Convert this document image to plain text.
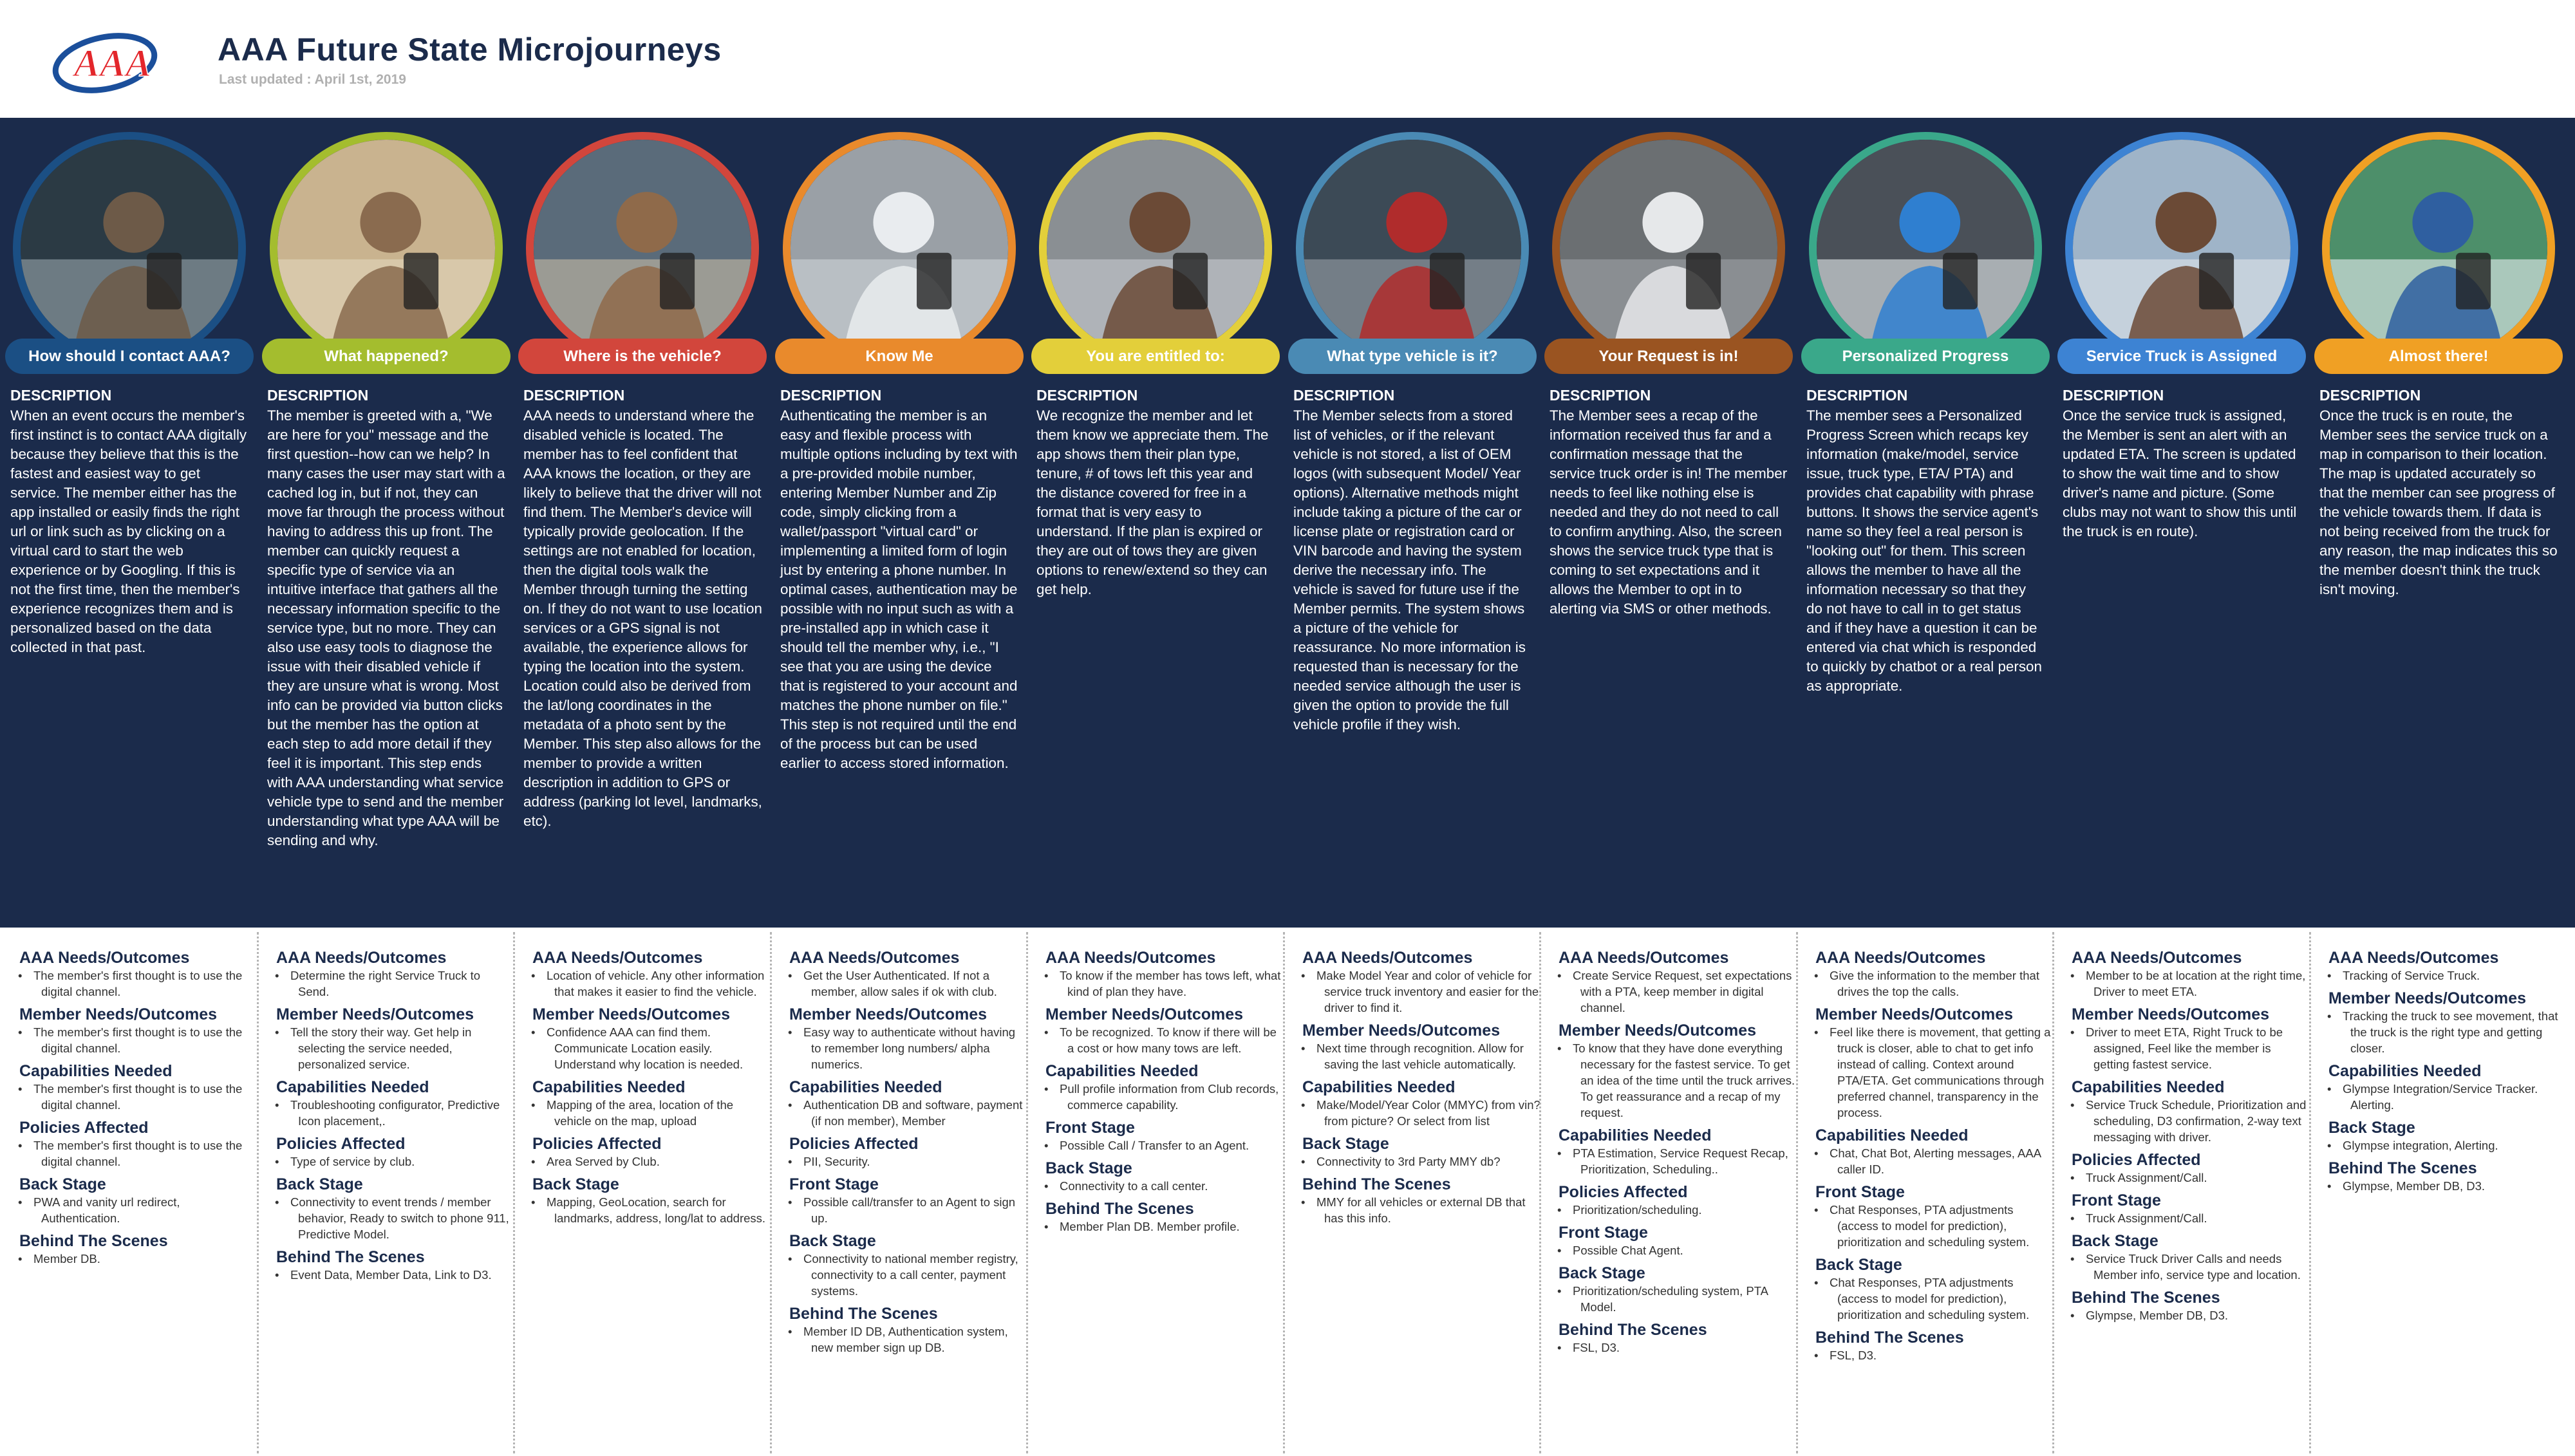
AAA AAA Future State Microjourneys
Last updated : April 1st, 2019
How should I contact AAA?
DESCRIPTION
When an event occurs the member's first instinct is to contact AAA digitally because they believe that this is the fastest and easiest way to get service. The member either has the app installed or easily finds the right url or link such as by clicking on a virtual card to start the web experience or by Googling. If this is not the first time, then the member's experience recognizes them and is personalized based on the data collected in that past.
What happened?
DESCRIPTION
The member is greeted with a, "We are here for you" message and the first question--how can we help? In many cases the user may start with a cached log in, but if not, they can move far through the process without having to address this up front. The member can quickly request a specific type of service via an intuitive interface that gathers all the necessary information specific to the service type, but no more. They can also use easy tools to diagnose the issue with their disabled vehicle if they are unsure what is wrong. Most info can be provided via button clicks but the member has the option at each step to add more detail if they feel it is important. This step ends with AAA understanding what service vehicle type to send and the member understanding what type AAA will be sending and why.
Where is the vehicle?
DESCRIPTION
AAA needs to understand where the disabled vehicle is located. The member has to feel confident that AAA knows the location, or they are likely to believe that the driver will not find them. The Member's device will typically provide geolocation. If the settings are not enabled for location, then the digital tools walk the Member through turning the setting on. If they do not want to use location services or a GPS signal is not available, the experience allows for typing the location into the system. Location could also be derived from the lat/long coordinates in the metadata of a photo sent by the Member. This step also allows for the member to provide a written description in addition to GPS or address (parking lot level, landmarks, etc).
Know Me
DESCRIPTION
Authenticating the member is an easy and flexible process with multiple options including by text with a pre-provided mobile number, entering Member Number and Zip code, simply clicking from a wallet/passport "virtual card" or implementing a limited form of login just by entering a phone number. In optimal cases, authentication may be possible with no input such as with a pre-installed app in which case it should tell the member why, i.e., "I see that you are using the device that is registered to your account and matches the phone number on file." This step is not required until the end of the process but can be used earlier to access stored information.
You are entitled to:
DESCRIPTION
We recognize the member and let them know we appreciate them. The app shows them their plan type, tenure, # of tows left this year and the distance covered for free in a format that is very easy to understand. If the plan is expired or they are out of tows they are given options to renew/extend so they can get help.
What type vehicle is it?
DESCRIPTION
The Member selects from a stored list of vehicles, or if the relevant vehicle is not stored, a list of OEM logos (with subsequent Model/ Year options). Alternative methods might include taking a picture of the car or license plate or registration card or VIN barcode and having the system derive the necessary info. The vehicle is saved for future use if the Member permits. The system shows a picture of the vehicle for reassurance. No more information is requested than is necessary for the needed service although the user is given the option to provide the full vehicle profile if they wish.
Your Request is in!
DESCRIPTION
The Member sees a recap of the information received thus far and a confirmation message that the service truck order is in! The member needs to feel like nothing else is needed and they do not need to call to confirm anything. Also, the screen shows the service truck type that is coming to set expectations and it allows the Member to opt in to alerting via SMS or other methods.
Personalized Progress
DESCRIPTION
The member sees a Personalized Progress Screen which recaps key information (make/model, service issue, truck type, ETA/ PTA) and provides chat capability with phrase buttons. It shows the service agent's name so they feel a real person is "looking out" for them. This screen allows the member to have all the information necessary so that they do not have to call in to get status and if they have a question it can be entered via chat which is responded to quickly by chatbot or a real person as appropriate.
Service Truck is Assigned
DESCRIPTION
Once the service truck is assigned, the Member is sent an alert with an updated ETA. The screen is updated to show the wait time and to show driver's name and picture. (Some clubs may not want to show this until the truck is en route).
Almost there!
DESCRIPTION
Once the truck is en route, the Member sees the service truck on a map in comparison to their location. The map is updated accurately so that the member can see progress of the vehicle towards them. If data is not being received from the truck for any reason, the map indicates this so the member doesn't think the truck isn't moving.
AAA Needs/Outcomes

• The member's first thought is to use the digital channel.

Member Needs/Outcomes

• The member's first thought is to use the digital channel.

Capabilities Needed

• The member's first thought is to use the digital channel.

Policies Affected

• The member's first thought is to use the digital channel.

Back Stage

• PWA and vanity url redirect, Authentication.

Behind The Scenes

• Member DB.

AAA Needs/Outcomes

• Determine the right Service Truck to Send.

Member Needs/Outcomes

• Tell the story their way. Get help in selecting the service needed, personalized service.

Capabilities Needed

• Troubleshooting configurator, Predictive Icon placement,.

Policies Affected

• Type of service by club.

Back Stage

• Connectivity to event trends / member behavior, Ready to switch to phone 911, Predictive Model.

Behind The Scenes

• Event Data, Member Data, Link to D3.

AAA Needs/Outcomes

• Location of vehicle. Any other information that makes it easier to find the vehicle.

Member Needs/Outcomes

• Confidence AAA can find them. Communicate Location easily. Understand why location is needed.

Capabilities Needed

• Mapping of the area, location of the vehicle on the map, upload

Policies Affected

• Area Served by Club.

Back Stage

• Mapping, GeoLocation, search for landmarks, address, long/lat to address.

AAA Needs/Outcomes

• Get the User Authenticated. If not a member, allow sales if ok with club.

Member Needs/Outcomes

• Easy way to authenticate without having to remember long numbers/ alpha numerics.

Capabilities Needed

• Authentication DB and software, payment (if non member), Member

Policies Affected

• PII, Security.

Front Stage

• Possible call/transfer to an Agent to sign up.

Back Stage

• Connectivity to national member registry, connectivity to a call center, payment systems.

Behind The Scenes

• Member ID DB, Authentication system, new member sign up DB.

AAA Needs/Outcomes

• To know if the member has tows left, what kind of plan they have.

Member Needs/Outcomes

• To be recognized. To know if there will be a cost or how many tows are left.

Capabilities Needed

• Pull profile information from Club records, commerce capability.

Front Stage

• Possible Call / Transfer to an Agent.

Back Stage

• Connectivity to a call center.

Behind The Scenes

• Member Plan DB. Member profile.

AAA Needs/Outcomes

• Make Model Year and color of vehicle for service truck inventory and easier for the driver to find it.

Member Needs/Outcomes

• Next time through recognition. Allow for saving the last vehicle automatically.

Capabilities Needed

• Make/Model/Year Color (MMYC) from vin? from picture? Or select from list

Back Stage

• Connectivity to 3rd Party MMY db?

Behind The Scenes

• MMY for all vehicles or external DB that has this info.

AAA Needs/Outcomes

• Create Service Request, set expectations with a PTA, keep member in digital channel.

Member Needs/Outcomes

• To know that they have done everything necessary for the fastest service. To get an idea of the time until the truck arrives. To get reassurance and a recap of my request.

Capabilities Needed

• PTA Estimation, Service Request Recap, Prioritization, Scheduling..

Policies Affected

• Prioritization/scheduling.

Front Stage

• Possible Chat Agent.

Back Stage

• Prioritization/scheduling system, PTA Model.

Behind The Scenes

• FSL, D3.

AAA Needs/Outcomes

• Give the information to the member that drives the top the calls.

Member Needs/Outcomes

• Feel like there is movement, that getting a truck is closer, able to chat to get info instead of calling. Context around PTA/ETA. Get communications through preferred channel, transparency in the process.

Capabilities Needed

• Chat, Chat Bot, Alerting messages, AAA caller ID.

Front Stage

• Chat Responses, PTA adjustments (access to model for prediction), prioritization and scheduling system.

Back Stage

• Chat Responses, PTA adjustments (access to model for prediction), prioritization and scheduling system.

Behind The Scenes

• FSL, D3.

AAA Needs/Outcomes

• Member to be at location at the right time, Driver to meet ETA.

Member Needs/Outcomes

• Driver to meet ETA, Right Truck to be assigned, Feel like the member is getting fastest service.

Capabilities Needed

• Service Truck Schedule, Prioritization and scheduling, D3 confirmation, 2-way text messaging with driver.

Policies Affected

• Truck Assignment/Call.

Front Stage

• Truck Assignment/Call.

Back Stage

• Service Truck Driver Calls and needs Member info, service type and location.

Behind The Scenes

• Glympse, Member DB, D3.

AAA Needs/Outcomes

• Tracking of Service Truck.

Member Needs/Outcomes

• Tracking the truck to see movement, that the truck is the right type and getting closer.

Capabilities Needed

• Glympse Integration/Service Tracker. Alerting.

Back Stage

• Glympse integration, Alerting.

Behind The Scenes

• Glympse, Member DB, D3.
